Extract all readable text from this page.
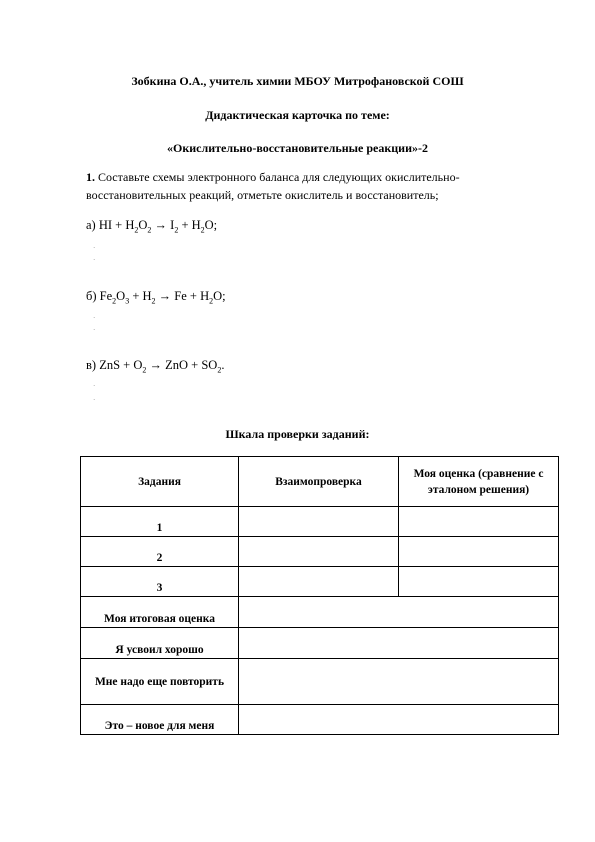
Зобкина О.А., учитель химии МБОУ Митрофановской СОШ
Дидактическая карточка по теме:
«Окислительно-восстановительные реакции»-2
1. Составьте схемы электронного баланса для следующих окислительно-восстановительных реакций, отметьте окислитель и восстановитель;
а) HI + $H_2O_2 \to I_2 + H_2O$;
·
·
б) $Fe_2O_3 + H_2 \to Fe + H_2O$;
·
·
в) ZnS + $O_2$ → ZnO + $SO_2$.
·
·
Шкала проверки заданий:
Задания	Взаимопроверка	Моя оценка (сравнение с эталоном решения)
1		
2		
3		
Моя итоговая оценка		
Я усвоил хорошо		
Мне надо еще повторить		
Это – новое для меня		
